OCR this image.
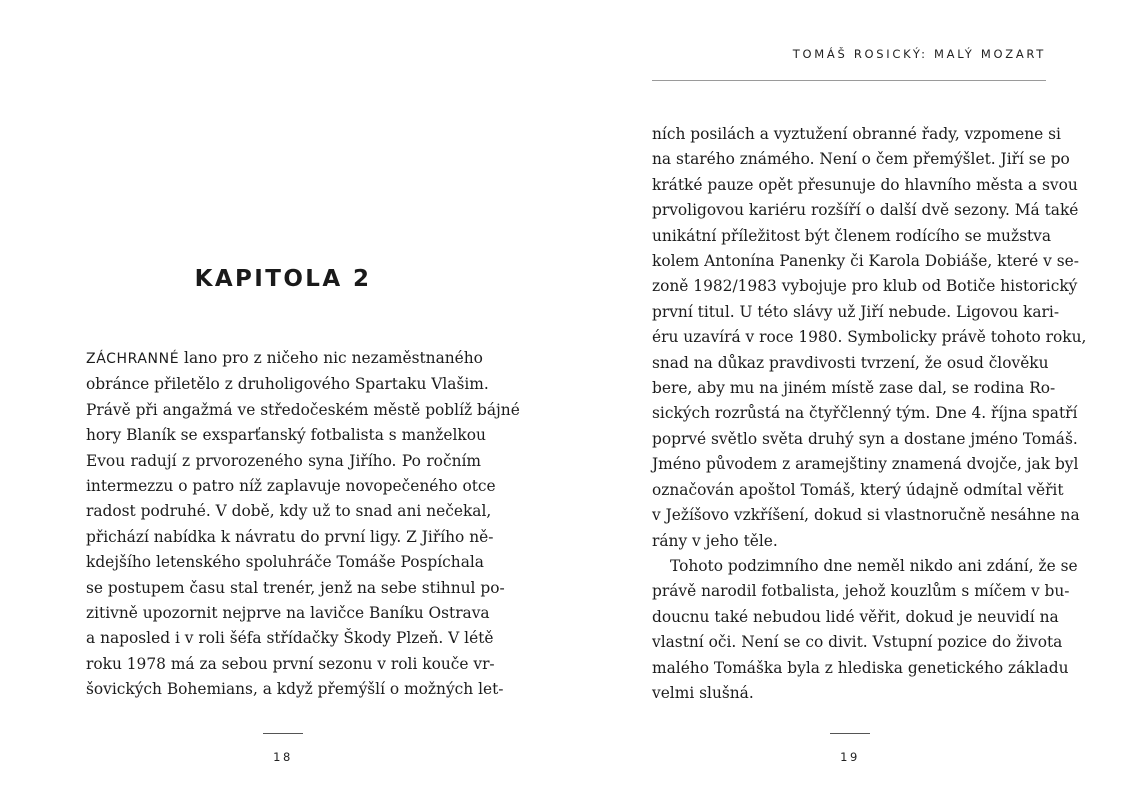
KAPITOLA 2

ZÁCHRANNÉ lano pro z ničeho nic nezaměstnaného
obránce přiletělo z druholigového Spartaku Vlašim.
Právě při angažmá ve středočeském městě poblíž bájné
hory Blaník se exsparťanský fotbalista s manželkou
Evou radují z prvorozeného syna Jiřího. Po ročním
intermezzu o patro níž zaplavuje novopečeného otce
radost podruhé. V době, kdy už to snad ani nečekal,
přichází nabídka k návratu do první ligy. Z Jiřího ně-
kdejšího letenského spoluhráče Tomáše Pospíchala
se postupem času stal trenér, jenž na sebe stihnul po-
zitivně upozornit nejprve na lavičce Baníku Ostrava
a naposled i v roli šéfa střídačky Škody Plzeň. V létě
roku 1978 má za sebou první sezonu v roli kouče vr-
šovických Bohemians, a když přemýšlí o možných let-

18
TOMÁŠ ROSICKÝ: MALÝ MOZART

ních posilách a vyztužení obranné řady, vzpomene si
na starého známého. Není o čem přemýšlet. Jiří se po
krátké pauze opět přesunuje do hlavního města a svou
prvoligovou kariéru rozšíří o další dvě sezony. Má také
unikátní příležitost být členem rodícího se mužstva
kolem Antonína Panenky či Karola Dobiáše, které v se-
zoně 1982/1983 vybojuje pro klub od Botiče historický
první titul. U této slávy už Jiří nebude. Ligovou kari-
éru uzavírá v roce 1980. Symbolicky právě tohoto roku,
snad na důkaz pravdivosti tvrzení, že osud člověku
bere, aby mu na jiném místě zase dal, se rodina Ro-
sických rozrůstá na čtyřčlenný tým. Dne 4. října spatří
poprvé světlo světa druhý syn a dostane jméno Tomáš.
Jméno původem z aramejštiny znamená dvojče, jak byl
označován apoštol Tomáš, který údajně odmítal věřit
v Ježíšovo vzkříšení, dokud si vlastnoručně nesáhne na
rány v jeho těle.

Tohoto podzimního dne neměl nikdo ani zdání, že se
právě narodil fotbalista, jehož kouzlům s míčem v bu-
doucnu také nebudou lidé věřit, dokud je neuvidí na
vlastní oči. Není se co divit. Vstupní pozice do života
malého Tomáška byla z hlediska genetického základu
velmi slušná.

19
